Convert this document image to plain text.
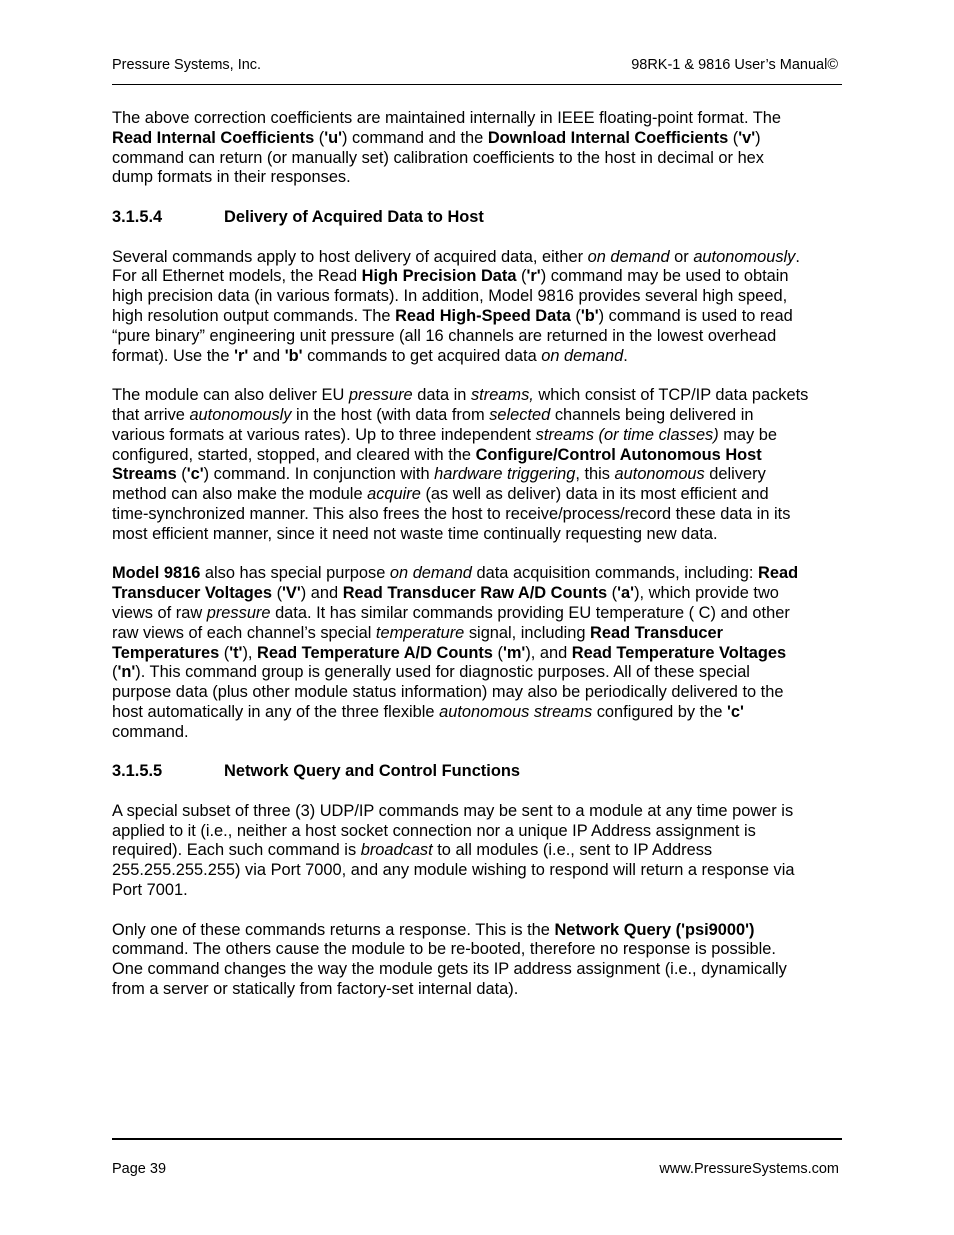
Pressure Systems, Inc.	98RK-1 & 9816 User’s Manual©

The above correction coefficients are maintained internally in IEEE floating-point format. The
Read Internal Coefficients ('u') command and the Download Internal Coefficients ('v')
command can return (or manually set) calibration coefficients to the host in decimal or hex
dump formats in their responses.

3.1.5.4	Delivery of Acquired Data to Host

Several commands apply to host delivery of acquired data, either on demand or autonomously.
For all Ethernet models, the Read High Precision Data ('r') command may be used to obtain
high precision data (in various formats). In addition, Model 9816 provides several high speed,
high resolution output commands. The Read High-Speed Data ('b') command is used to read
“pure binary” engineering unit pressure (all 16 channels are returned in the lowest overhead
format). Use the 'r' and 'b' commands to get acquired data on demand.

The module can also deliver EU pressure data in streams, which consist of TCP/IP data packets
that arrive autonomously in the host (with data from selected channels being delivered in
various formats at various rates). Up to three independent streams (or time classes) may be
configured, started, stopped, and cleared with the Configure/Control Autonomous Host
Streams ('c') command. In conjunction with hardware triggering, this autonomous delivery
method can also make the module acquire (as well as deliver) data in its most efficient and
time-synchronized manner. This also frees the host to receive/process/record these data in its
most efficient manner, since it need not waste time continually requesting new data.

Model 9816 also has special purpose on demand data acquisition commands, including: Read
Transducer Voltages ('V') and Read Transducer Raw A/D Counts ('a'), which provide two
views of raw pressure data. It has similar commands providing EU temperature ( C) and other
raw views of each channel’s special temperature signal, including Read Transducer
Temperatures ('t'), Read Temperature A/D Counts ('m'), and Read Temperature Voltages
('n'). This command group is generally used for diagnostic purposes. All of these special
purpose data (plus other module status information) may also be periodically delivered to the
host automatically in any of the three flexible autonomous streams configured by the 'c'
command.

3.1.5.5	Network Query and Control Functions

A special subset of three (3) UDP/IP commands may be sent to a module at any time power is
applied to it (i.e., neither a host socket connection nor a unique IP Address assignment is
required). Each such command is broadcast to all modules (i.e., sent to IP Address
255.255.255.255) via Port 7000, and any module wishing to respond will return a response via
Port 7001.

Only one of these commands returns a response. This is the Network Query ('psi9000')
command. The others cause the module to be re-booted, therefore no response is possible.
One command changes the way the module gets its IP address assignment (i.e., dynamically
from a server or statically from factory-set internal data).

Page 39	www.PressureSystems.com
